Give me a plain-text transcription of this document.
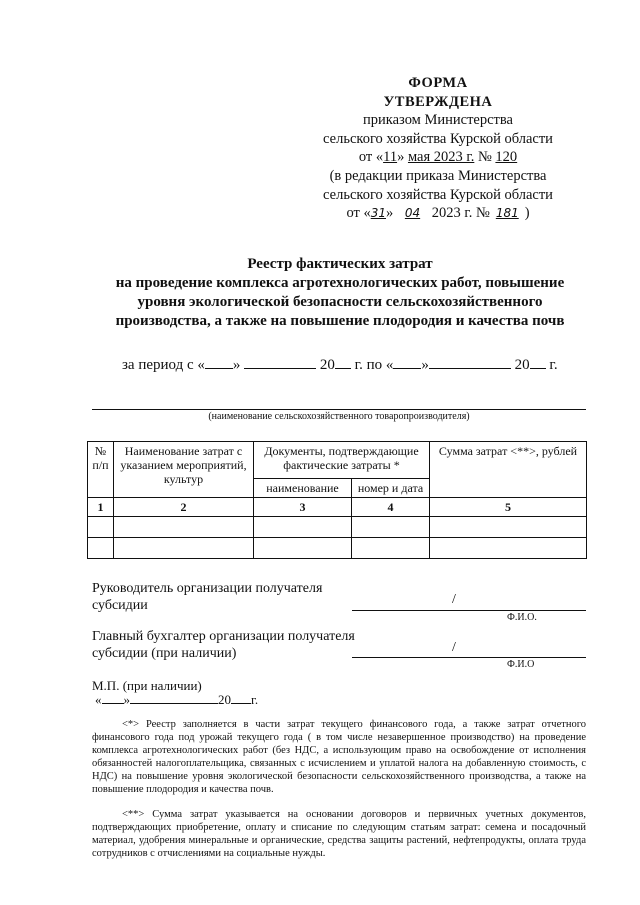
ФОРМА
УТВЕРЖДЕНА
приказом Министерства
сельского хозяйства Курской области
от «11» мая 2023 г. № 120
(в редакции приказа Министерства
сельского хозяйства Курской области
от «31» 04 2023 г. № 181 )
Реестр фактических затрат
на проведение комплекса агротехнологических работ, повышение
уровня экологической безопасности сельскохозяйственного
производства, а также на повышение плодородия и качества почв
за период с « »	20 г. по « »	20 г.
(наименование сельскохозяйственного товаропроизводителя)
№ п/п	Наименование затрат с указанием мероприятий, культур	Документы, подтверждающие фактические затраты *		Сумма затрат <**>, рублей
		наименование	номер и дата	
1	2	3	4	5

Руководитель организации получателя
субсидии	/
Ф.И.О.
Главный бухгалтер организации получателя
субсидии (при наличии)	/
Ф.И.О
М.П. (при наличии)
« »	20 г.

<*> Реестр заполняется в части затрат текущего финансового года, а также затрат отчетного финансового года под урожай текущего года ( в том числе незавершенное производство) на проведение комплекса агротехнологических работ (без НДС, а использующим право на освобождение от исполнения обязанностей налогоплательщика, связанных с исчислением и уплатой налога на добавленную стоимость, с НДС) на повышение уровня экологической безопасности сельскохозяйственного производства, а также на повышение плодородия и качества почв.

<**> Сумма затрат указывается на основании договоров и первичных учетных документов, подтверждающих приобретение, оплату и списание по следующим статьям затрат: семена и посадочный материал, удобрения минеральные и органические, средства защиты растений, нефтепродукты, оплата труда сотрудников с отчислениями на социальные нужды.
